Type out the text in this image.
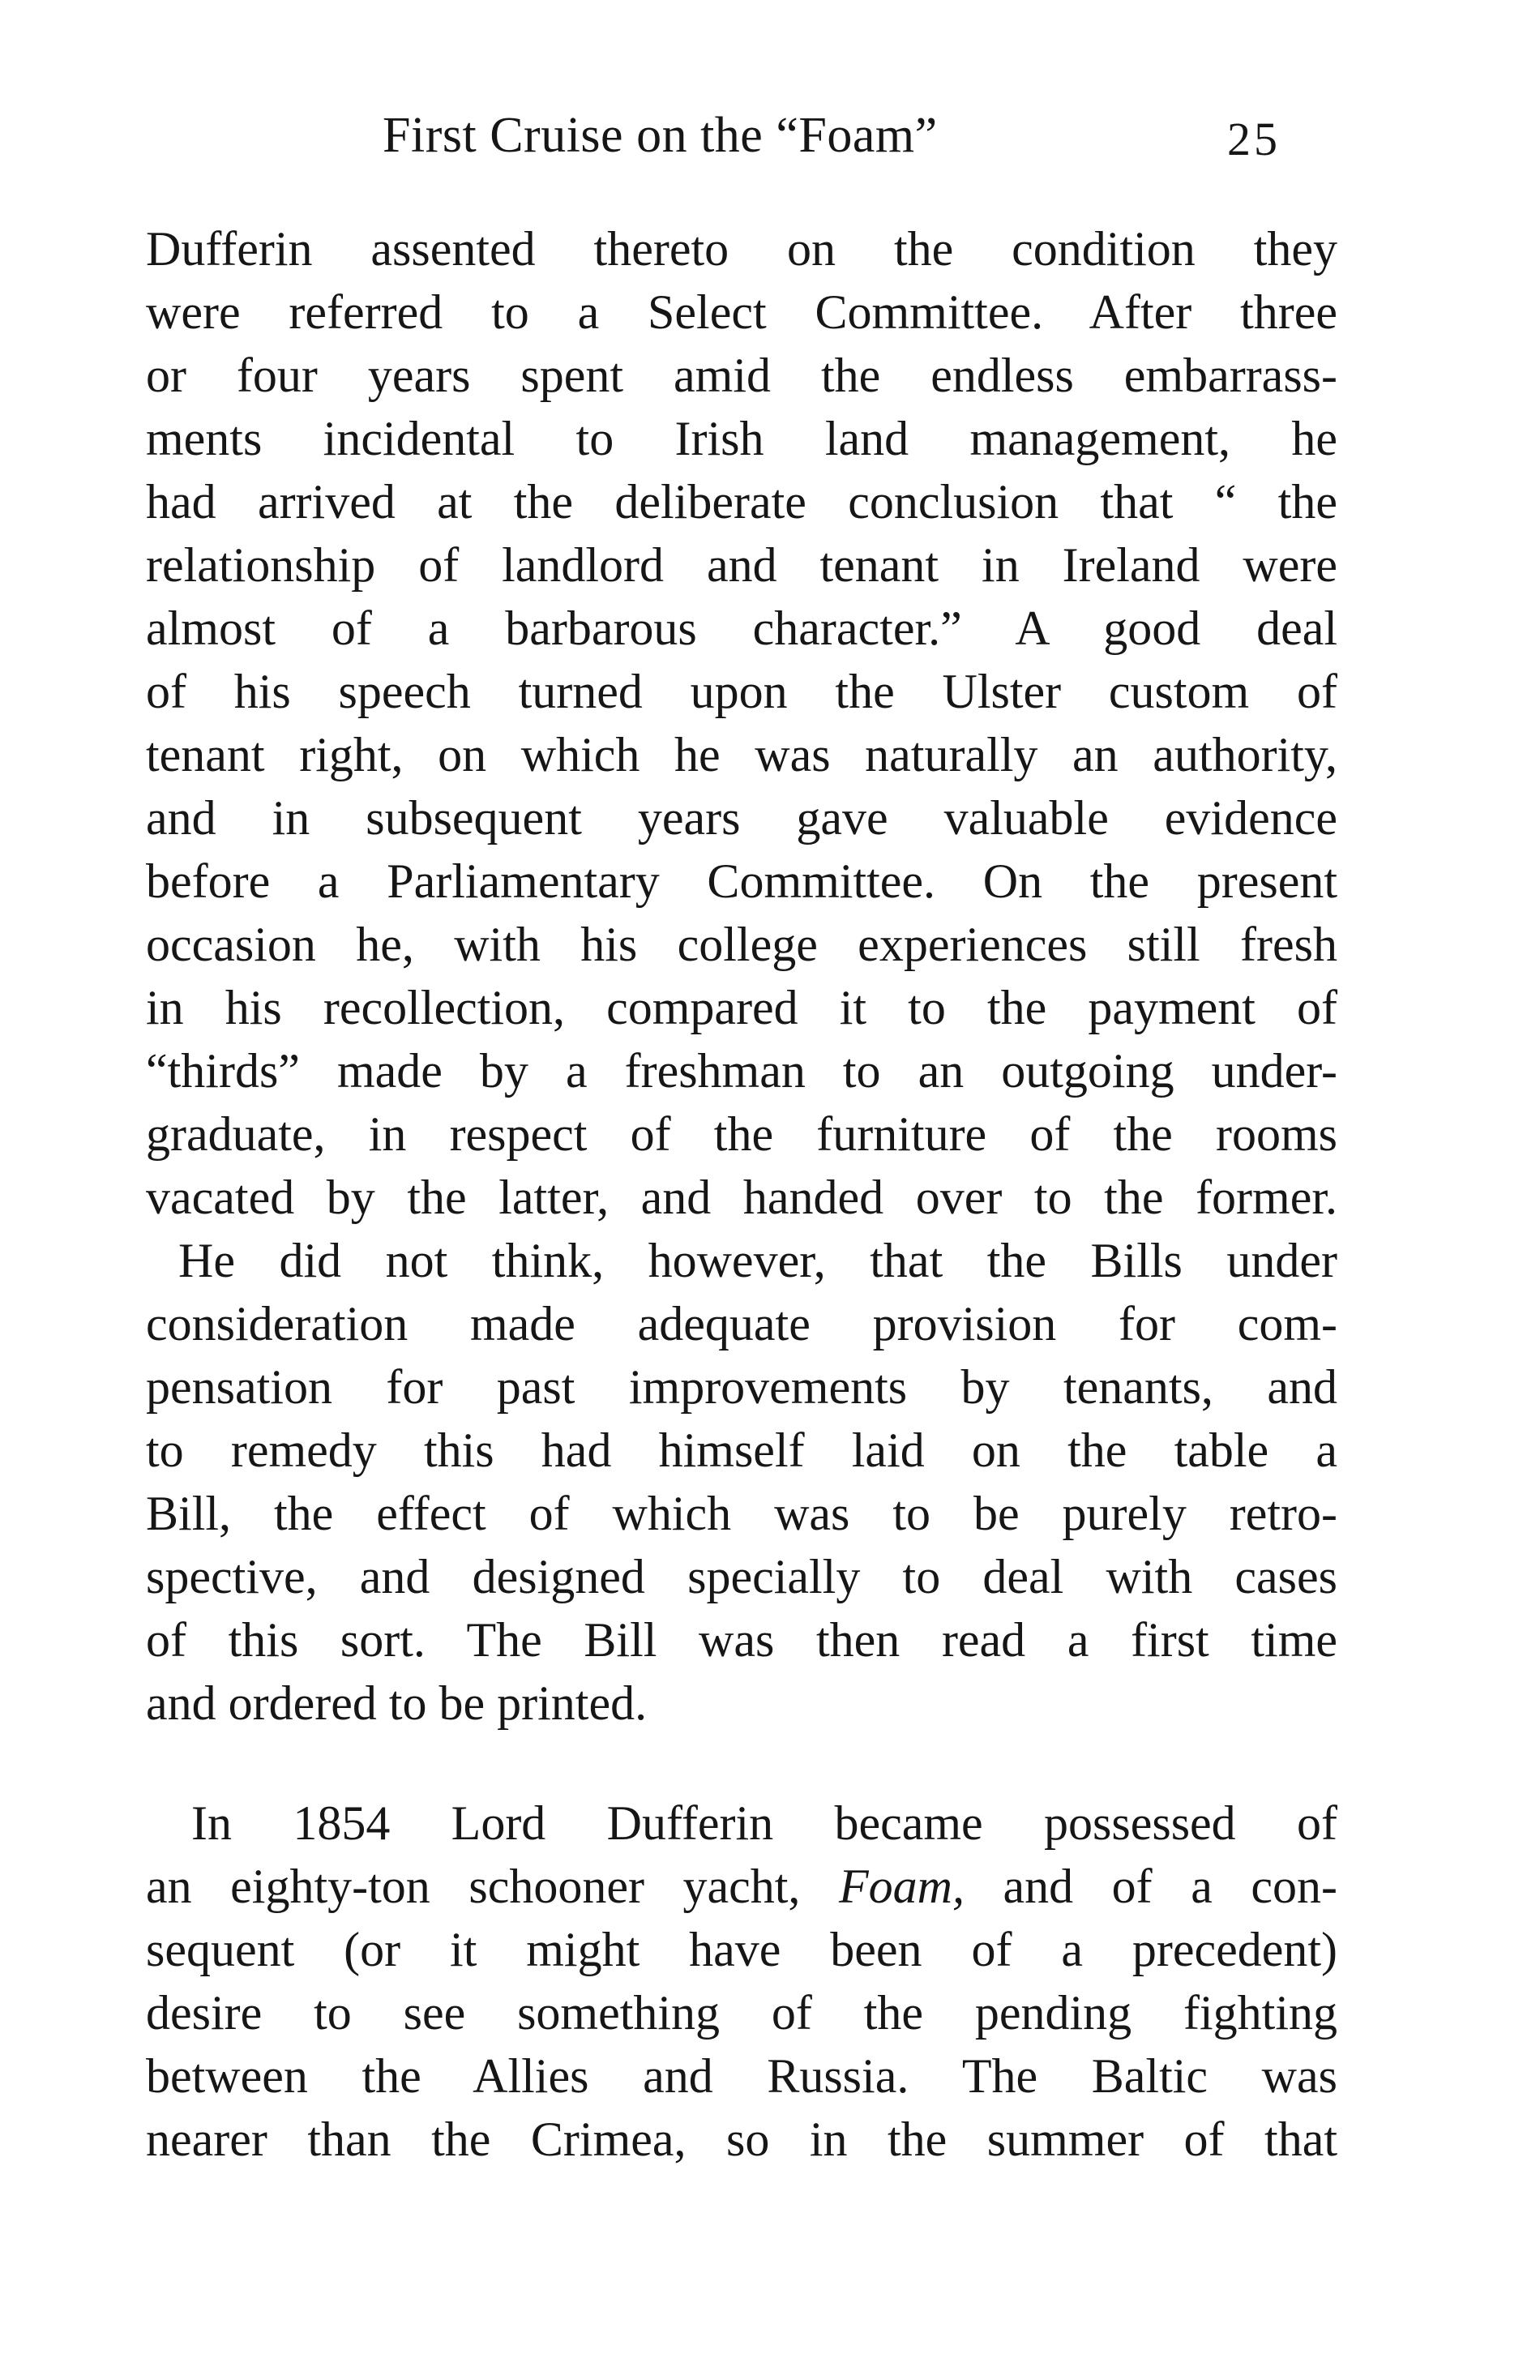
First Cruise on the “Foam”	25
Dufferin assented thereto on the condition they
were referred to a Select Committee. After three
or four years spent amid the endless embarrass-
ments incidental to Irish land management, he
had arrived at the deliberate conclusion that “ the
relationship of landlord and tenant in Ireland were
almost of a barbarous character.” A good deal
of his speech turned upon the Ulster custom of
tenant right, on which he was naturally an authority,
and in subsequent years gave valuable evidence
before a Parliamentary Committee. On the present
occasion he, with his college experiences still fresh
in his recollection, compared it to the payment of
“thirds” made by a freshman to an outgoing under-
graduate, in respect of the furniture of the rooms
vacated by the latter, and handed over to the former.
He did not think, however, that the Bills under
consideration made adequate provision for com-
pensation for past improvements by tenants, and
to remedy this had himself laid on the table a
Bill, the effect of which was to be purely retro-
spective, and designed specially to deal with cases
of this sort. The Bill was then read a first time
and ordered to be printed.
In 1854 Lord Dufferin became possessed of
an eighty-ton schooner yacht, Foam, and of a con-
sequent (or it might have been of a precedent)
desire to see something of the pending fighting
between the Allies and Russia. The Baltic was
nearer than the Crimea, so in the summer of that
